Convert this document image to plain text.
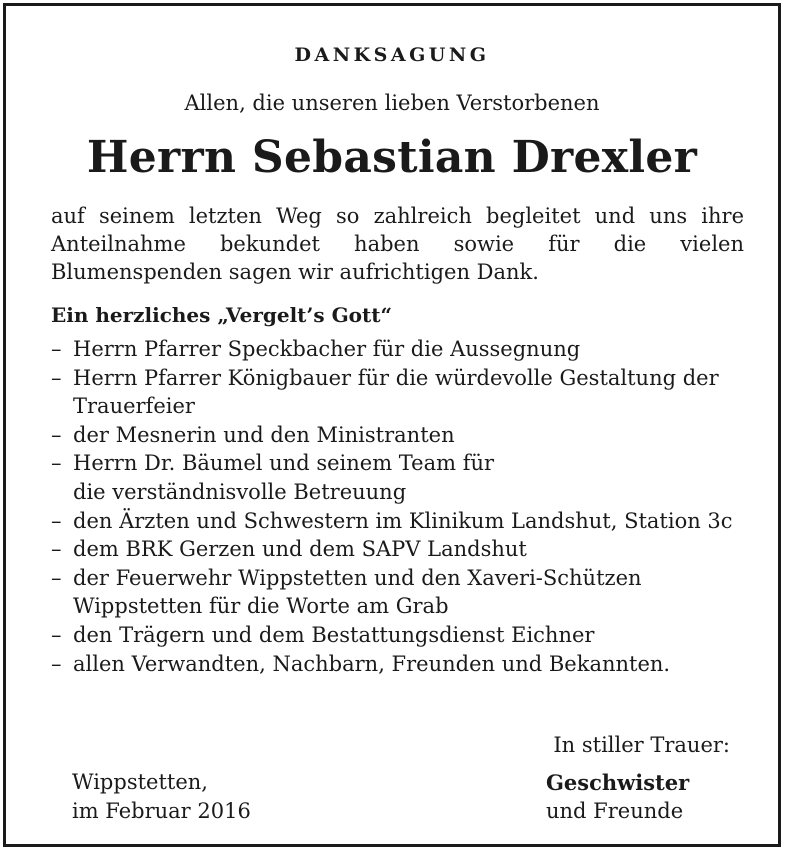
DANKSAGUNG
Allen, die unseren lieben Verstorbenen
Herrn Sebastian Drexler
auf seinem letzten Weg so zahlreich begleitet und uns ihre Anteilnahme bekundet haben sowie für die vielen Blumenspenden sagen wir aufrichtigen Dank.
Ein herzliches „Vergelt’s Gott“
– Herrn Pfarrer Speckbacher für die Aussegnung
– Herrn Pfarrer Königbauer für die würdevolle Gestaltung der Trauerfeier
– der Mesnerin und den Ministranten
– Herrn Dr. Bäumel und seinem Team für die verständnisvolle Betreuung
– den Ärzten und Schwestern im Klinikum Landshut, Station 3c
– dem BRK Gerzen und dem SAPV Landshut
– der Feuerwehr Wippstetten und den Xaveri-Schützen Wippstetten für die Worte am Grab
– den Trägern und dem Bestattungsdienst Eichner
– allen Verwandten, Nachbarn, Freunden und Bekannten.
In stiller Trauer:
Wippstetten,
im Februar 2016
Geschwister
und Freunde
